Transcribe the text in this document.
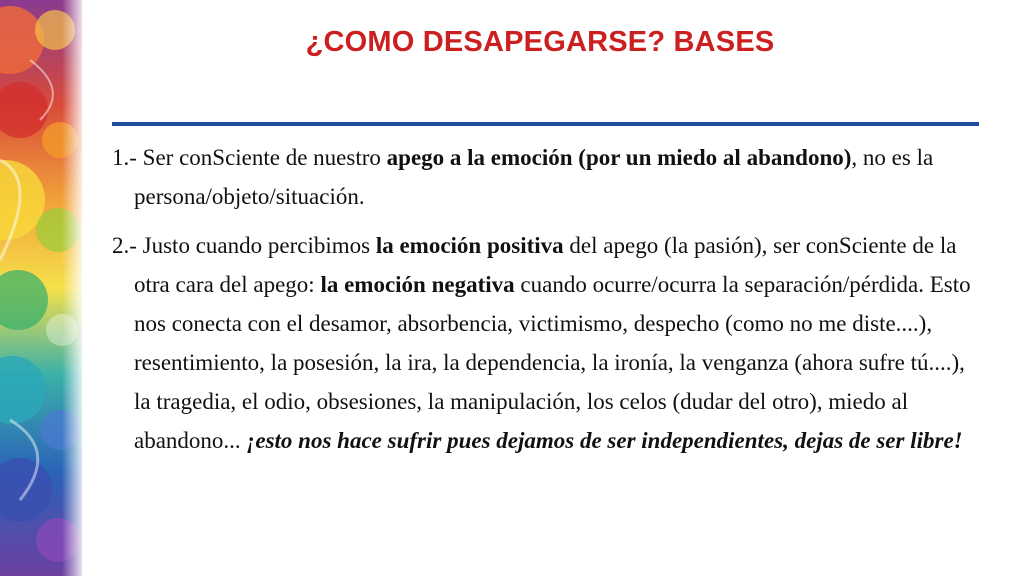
¿COMO DESAPEGARSE? BASES

1.- Ser conSciente de nuestro apego a la emoción (por un miedo al abandono), no es la persona/objeto/situación.

2.- Justo cuando percibimos la emoción positiva del apego (la pasión), ser conSciente de la otra cara del apego: la emoción negativa cuando ocurre/ocurra la separación/pérdida. Esto nos conecta con el desamor, absorbencia, victimismo, despecho (como no me diste....), resentimiento, la posesión, la ira, la dependencia, la ironía, la venganza (ahora sufre tú....), la tragedia, el odio, obsesiones, la manipulación, los celos (dudar del otro), miedo al abandono... ¡esto nos hace sufrir pues dejamos de ser independientes, dejas de ser libre!
